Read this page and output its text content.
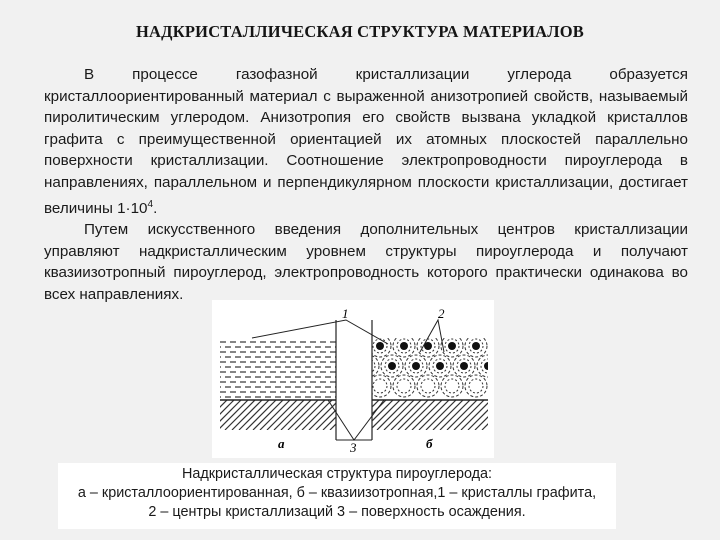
НАДКРИСТАЛЛИЧЕСКАЯ СТРУКТУРА МАТЕРИАЛОВ

В процессе газофазной кристаллизации углерода образуется кристаллоориентированный материал с выраженной анизотропией свойств, называемый пиролитическим углеродом. Анизотропия его свойств вызвана укладкой кристаллов графита с преимущественной ориентацией их атомных плоскостей параллельно поверхности кристаллизации. Соотношение электропроводности пироуглерода в направлениях, параллельном и перпендикулярном плоскости кристаллизации, достигает величины $1\cdot 10^4$.

Путем искусственного введения дополнительных центров кристаллизации управляют надкристаллическим уровнем структуры пироуглерода и получают квазиизотропный пироуглерод, электропроводность которого практически одинакова во всех направлениях.

1	2
3
а	б
Надкристаллическая структура пироуглерода:
а – кристаллоориентированная, б – квазиизотропная,1 – кристаллы графита,
2 – центры кристаллизаций 3 – поверхность осаждения.
